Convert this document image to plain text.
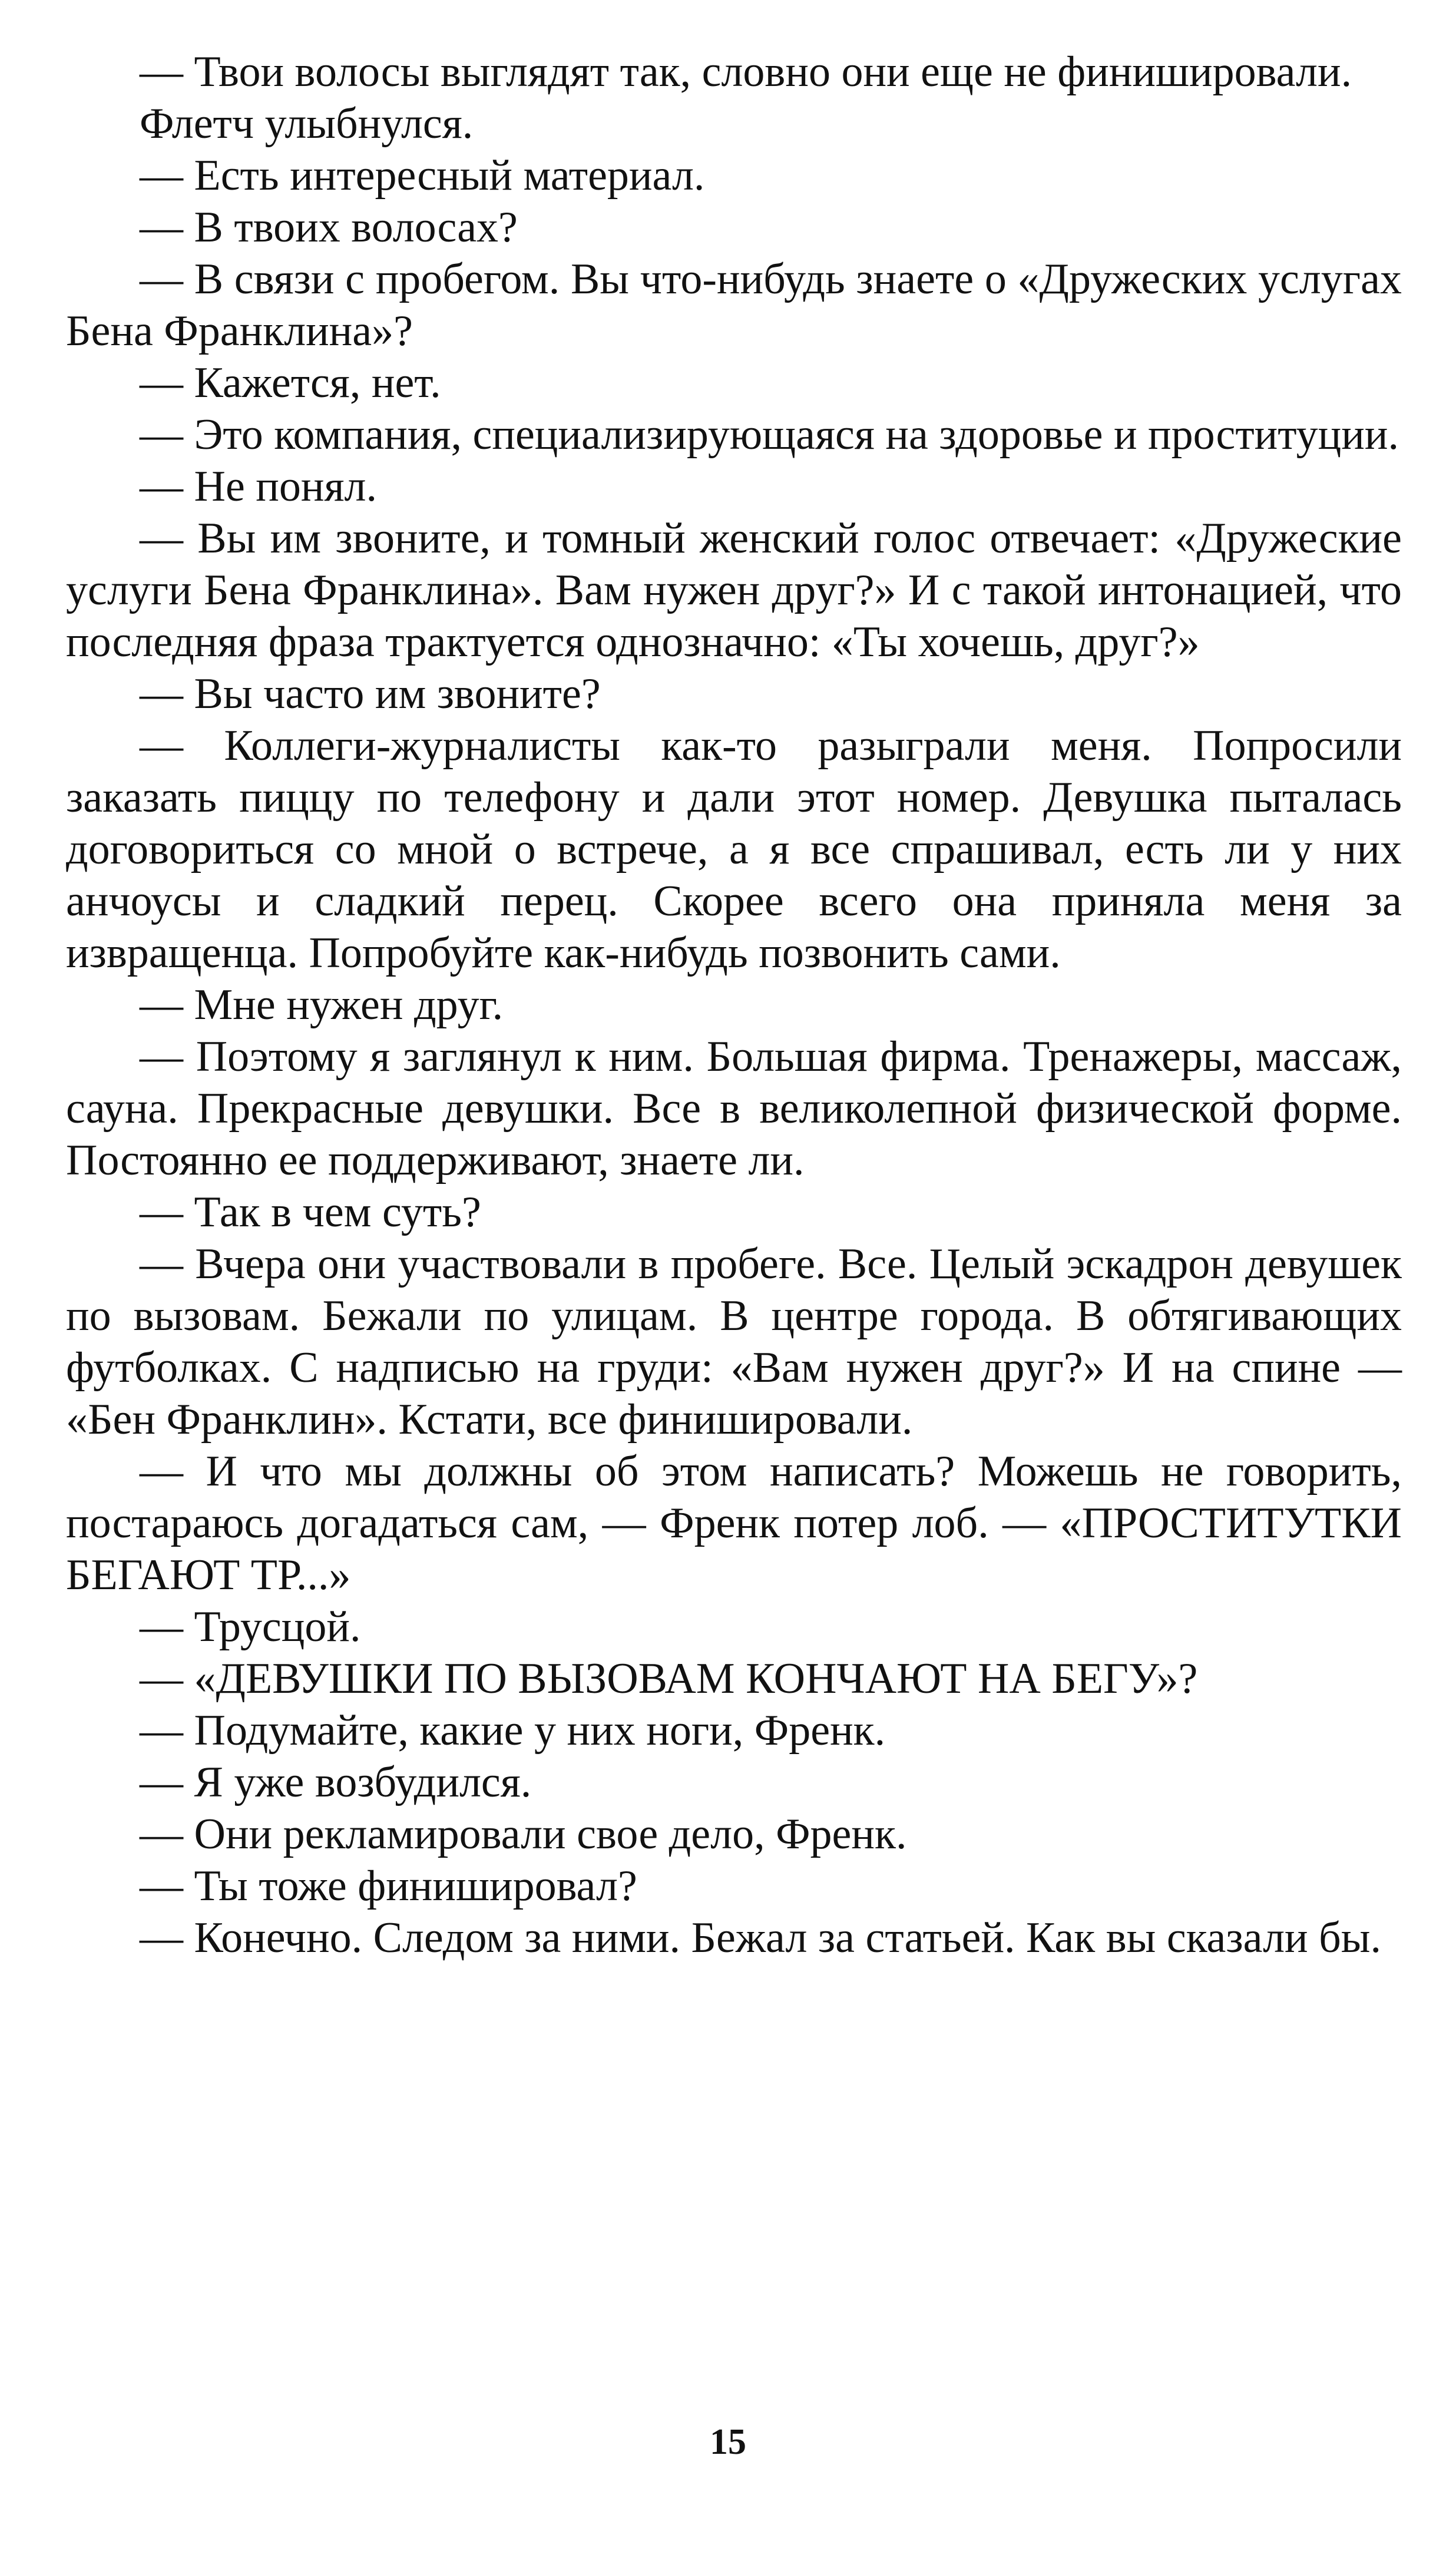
— Твои волосы выглядят так, словно они еще не финишировали.

Флетч улыбнулся.

— Есть интересный материал.

— В твоих волосах?

— В связи с пробегом. Вы что-нибудь знаете о «Дружеских услугах Бена Франклина»?

— Кажется, нет.

— Это компания, специализирующаяся на здоровье и проституции.

— Не понял.

— Вы им звоните, и томный женский голос отвечает: «Дружеские услуги Бена Франклина». Вам нужен друг?» И с такой интонацией, что последняя фраза трактуется однозначно: «Ты хочешь, друг?»

— Вы часто им звоните?

— Коллеги-журналисты как-то разыграли меня. Попросили заказать пиццу по телефону и дали этот номер. Девушка пыталась договориться со мной о встрече, а я все спрашивал, есть ли у них анчоусы и сладкий перец. Скорее всего она приняла меня за извращенца. Попробуйте как-нибудь позвонить сами.

— Мне нужен друг.

— Поэтому я заглянул к ним. Большая фирма. Тренажеры, массаж, сауна. Прекрасные девушки. Все в великолепной физической форме. Постоянно ее поддерживают, знаете ли.

— Так в чем суть?

— Вчера они участвовали в пробеге. Все. Целый эскадрон девушек по вызовам. Бежали по улицам. В центре города. В обтягивающих футболках. С надписью на груди: «Вам нужен друг?» И на спине — «Бен Франклин». Кстати, все финишировали.

— И что мы должны об этом написать? Можешь не говорить, постараюсь догадаться сам, — Френк потер лоб. — «ПРОСТИТУТКИ БЕГАЮТ ТР...»

— Трусцой.

— «ДЕВУШКИ ПО ВЫЗОВАМ КОНЧАЮТ НА БЕГУ»?

— Подумайте, какие у них ноги, Френк.

— Я уже возбудился.

— Они рекламировали свое дело, Френк.

— Ты тоже финишировал?

— Конечно. Следом за ними. Бежал за статьей. Как вы сказали бы.

15
